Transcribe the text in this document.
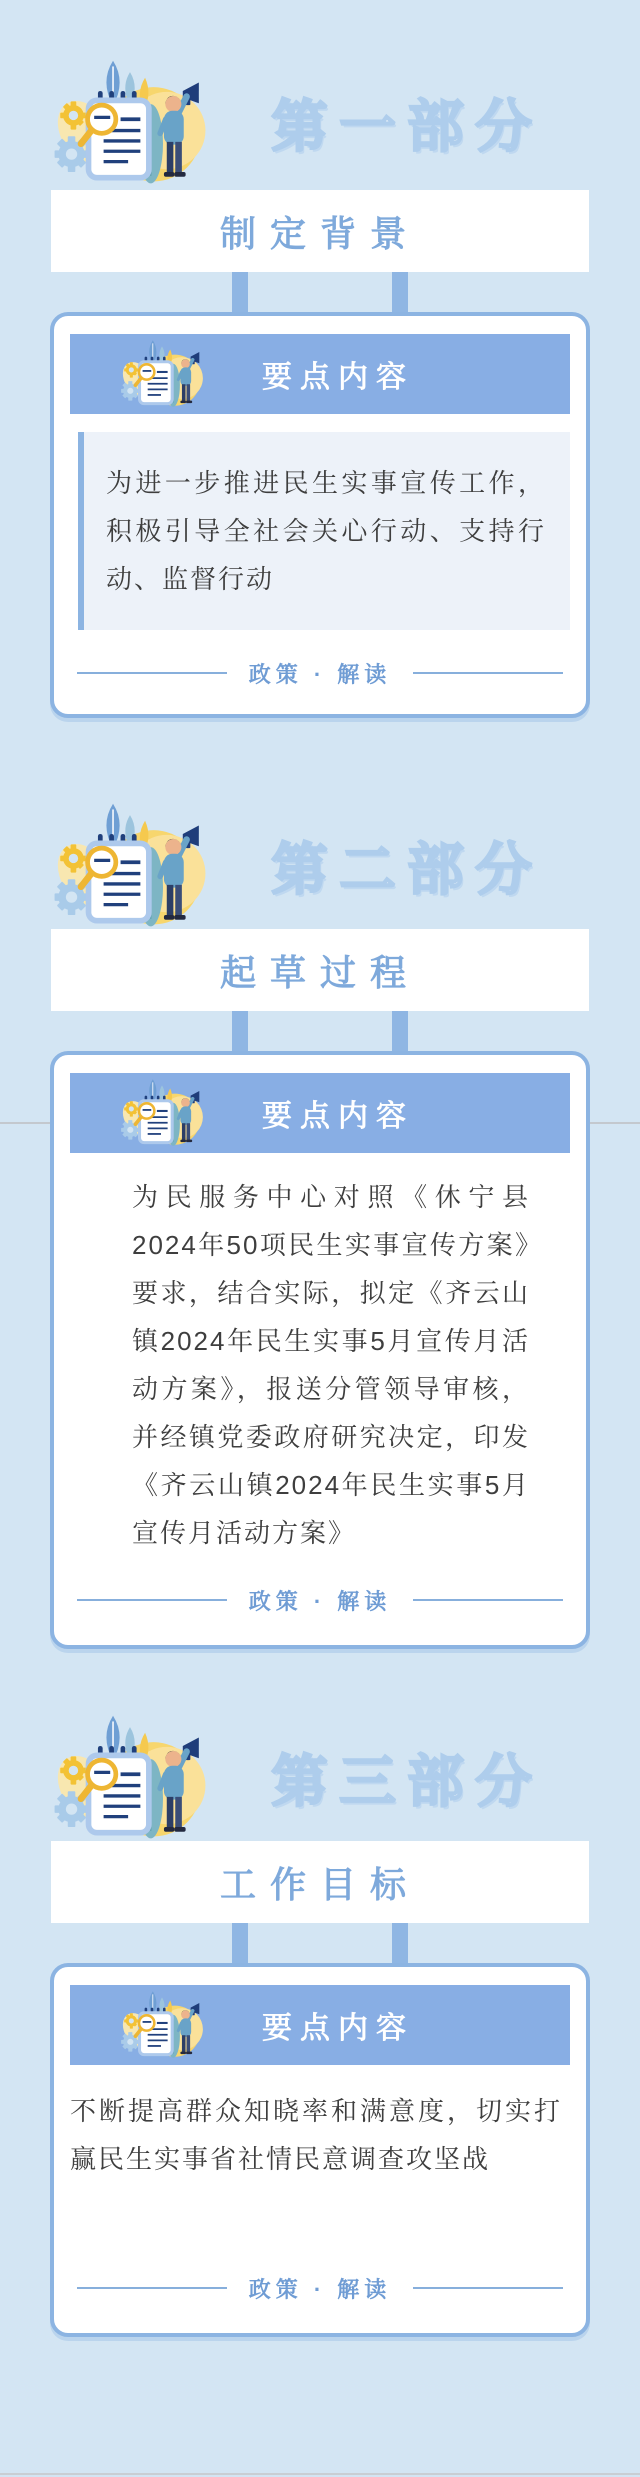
第一部分
制定背景
要点内容

为进一步推进民生实事宣传工作，积极引导全社会关心行动、支持行动、监督行动

政策 · 解读
第二部分
起草过程
要点内容

为民服务中心对照《休宁县2024年50项民生实事宣传方案》要求，结合实际，拟定《齐云山镇2024年民生实事5月宣传月活动方案》，报送分管领导审核，并经镇党委政府研究决定，印发《齐云山镇2024年民生实事5月宣传月活动方案》

政策 · 解读
第三部分
工作目标
要点内容

不断提高群众知晓率和满意度，切实打赢民生实事省社情民意调查攻坚战

政策 · 解读
